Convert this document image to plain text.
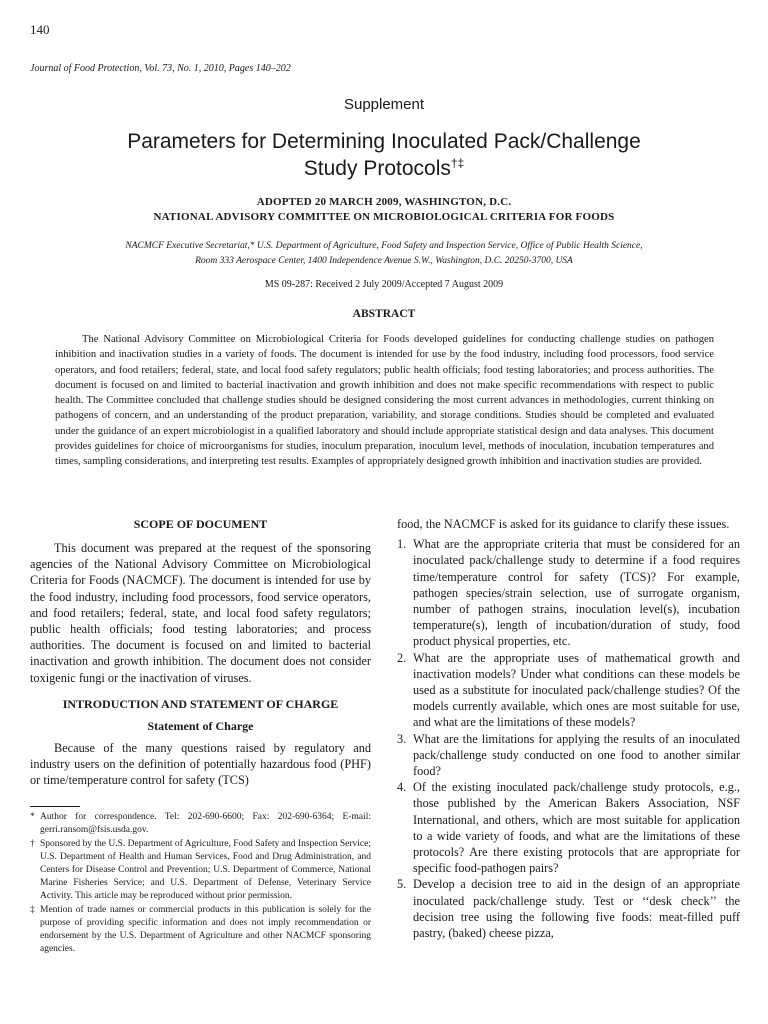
140
Journal of Food Protection, Vol. 73, No. 1, 2010, Pages 140–202
Supplement
Parameters for Determining Inoculated Pack/Challenge
Study Protocols†‡
ADOPTED 20 MARCH 2009, WASHINGTON, D.C.
NATIONAL ADVISORY COMMITTEE ON MICROBIOLOGICAL CRITERIA FOR FOODS
NACMCF Executive Secretariat,* U.S. Department of Agriculture, Food Safety and Inspection Service, Office of Public Health Science,
Room 333 Aerospace Center, 1400 Independence Avenue S.W., Washington, D.C. 20250-3700, USA
MS 09-287: Received 2 July 2009/Accepted 7 August 2009
ABSTRACT

The National Advisory Committee on Microbiological Criteria for Foods developed guidelines for conducting challenge studies on pathogen inhibition and inactivation studies in a variety of foods. The document is intended for use by the food industry, including food processors, food service operators, and food retailers; federal, state, and local food safety regulators; public health officials; food testing laboratories; and process authorities. The document is focused on and limited to bacterial inactivation and growth inhibition and does not make specific recommendations with respect to public health. The Committee concluded that challenge studies should be designed considering the most current advances in methodologies, current thinking on pathogens of concern, and an understanding of the product preparation, variability, and storage conditions. Studies should be completed and evaluated under the guidance of an expert microbiologist in a qualified laboratory and should include appropriate statistical design and data analyses. This document provides guidelines for choice of microorganisms for studies, inoculum preparation, inoculum level, methods of inoculation, incubation temperatures and times, sampling considerations, and interpreting test results. Examples of appropriately designed growth inhibition and inactivation studies are provided.

SCOPE OF DOCUMENT

This document was prepared at the request of the sponsoring agencies of the National Advisory Committee on Microbiological Criteria for Foods (NACMCF). The document is intended for use by the food industry, including food processors, food service operators, and food retailers; federal, state, and local food safety regulators; public health officials; food testing laboratories; and process authorities. The document is focused on and limited to bacterial inactivation and growth inhibition. The document does not consider toxigenic fungi or the inactivation of viruses.

INTRODUCTION AND STATEMENT OF CHARGE
Statement of Charge

Because of the many questions raised by regulatory and industry users on the definition of potentially hazardous food (PHF) or time/temperature control for safety (TCS)

* Author for correspondence. Tel: 202-690-6600; Fax: 202-690-6364; E-mail: gerri.ransom@fsis.usda.gov.
† Sponsored by the U.S. Department of Agriculture, Food Safety and Inspection Service; U.S. Department of Health and Human Services, Food and Drug Administration, and Centers for Disease Control and Prevention; U.S. Department of Commerce, National Marine Fisheries Service; and U.S. Department of Defense, Veterinary Service Activity. This article may be reproduced without prior permission.
‡ Mention of trade names or commercial products in this publication is solely for the purpose of providing specific information and does not imply recommendation or endorsement by the U.S. Department of Agriculture and other NACMCF sponsoring agencies.

food, the NACMCF is asked for its guidance to clarify these issues.

1. What are the appropriate criteria that must be considered for an inoculated pack/challenge study to determine if a food requires time/temperature control for safety (TCS)? For example, pathogen species/strain selection, use of surrogate organism, number of pathogen strains, inoculation level(s), incubation temperature(s), length of incubation/duration of study, food product physical properties, etc.
2. What are the appropriate uses of mathematical growth and inactivation models? Under what conditions can these models be used as a substitute for inoculated pack/challenge studies? Of the models currently available, which ones are most suitable for use, and what are the limitations of these models?
3. What are the limitations for applying the results of an inoculated pack/challenge study conducted on one food to another similar food?
4. Of the existing inoculated pack/challenge study protocols, e.g., those published by the American Bakers Association, NSF International, and others, which are most suitable for application to a wide variety of foods, and what are the limitations of these protocols? Are there existing protocols that are appropriate for specific food-pathogen pairs?
5. Develop a decision tree to aid in the design of an appropriate inoculated pack/challenge study. Test or ‘‘desk check’’ the decision tree using the following five foods: meat-filled puff pastry, (baked) cheese pizza,
